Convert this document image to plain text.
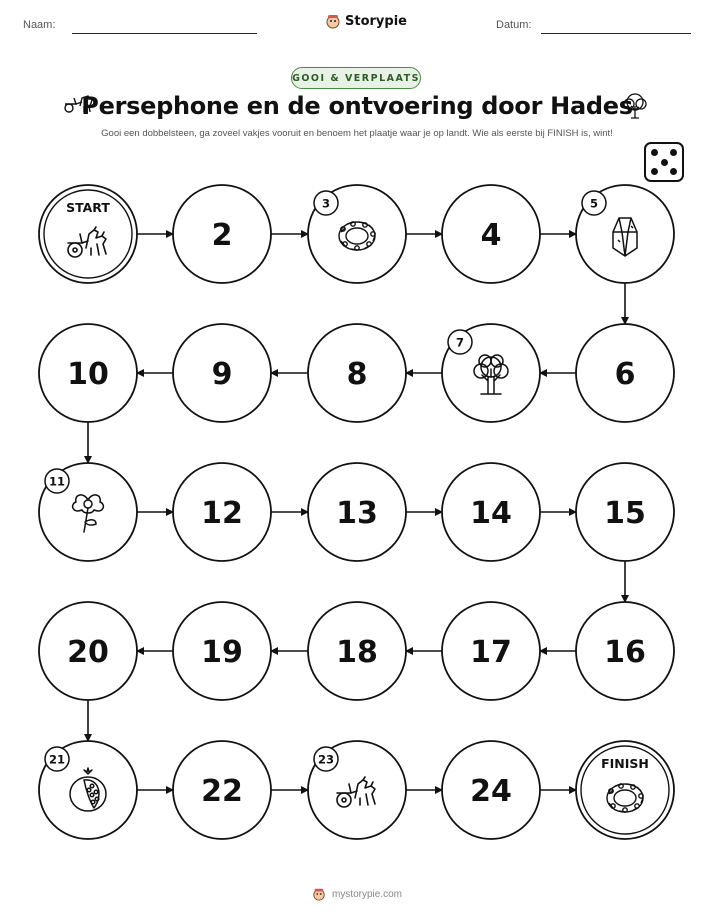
Naam:	Storypie	Datum:
GOOI & VERPLAATS
Persephone en de ontvoering door Hades
Gooi een dobbelsteen, ga zoveel vakjes vooruit en benoem het plaatje waar je op landt. Wie als eerste bij FINISH is, wint!
START
2
3
4
5
6
7
8
9
10
11
12	13	14	15
16
17
18
19
20
21
22
23
24
FINISH
mystorypie.com
